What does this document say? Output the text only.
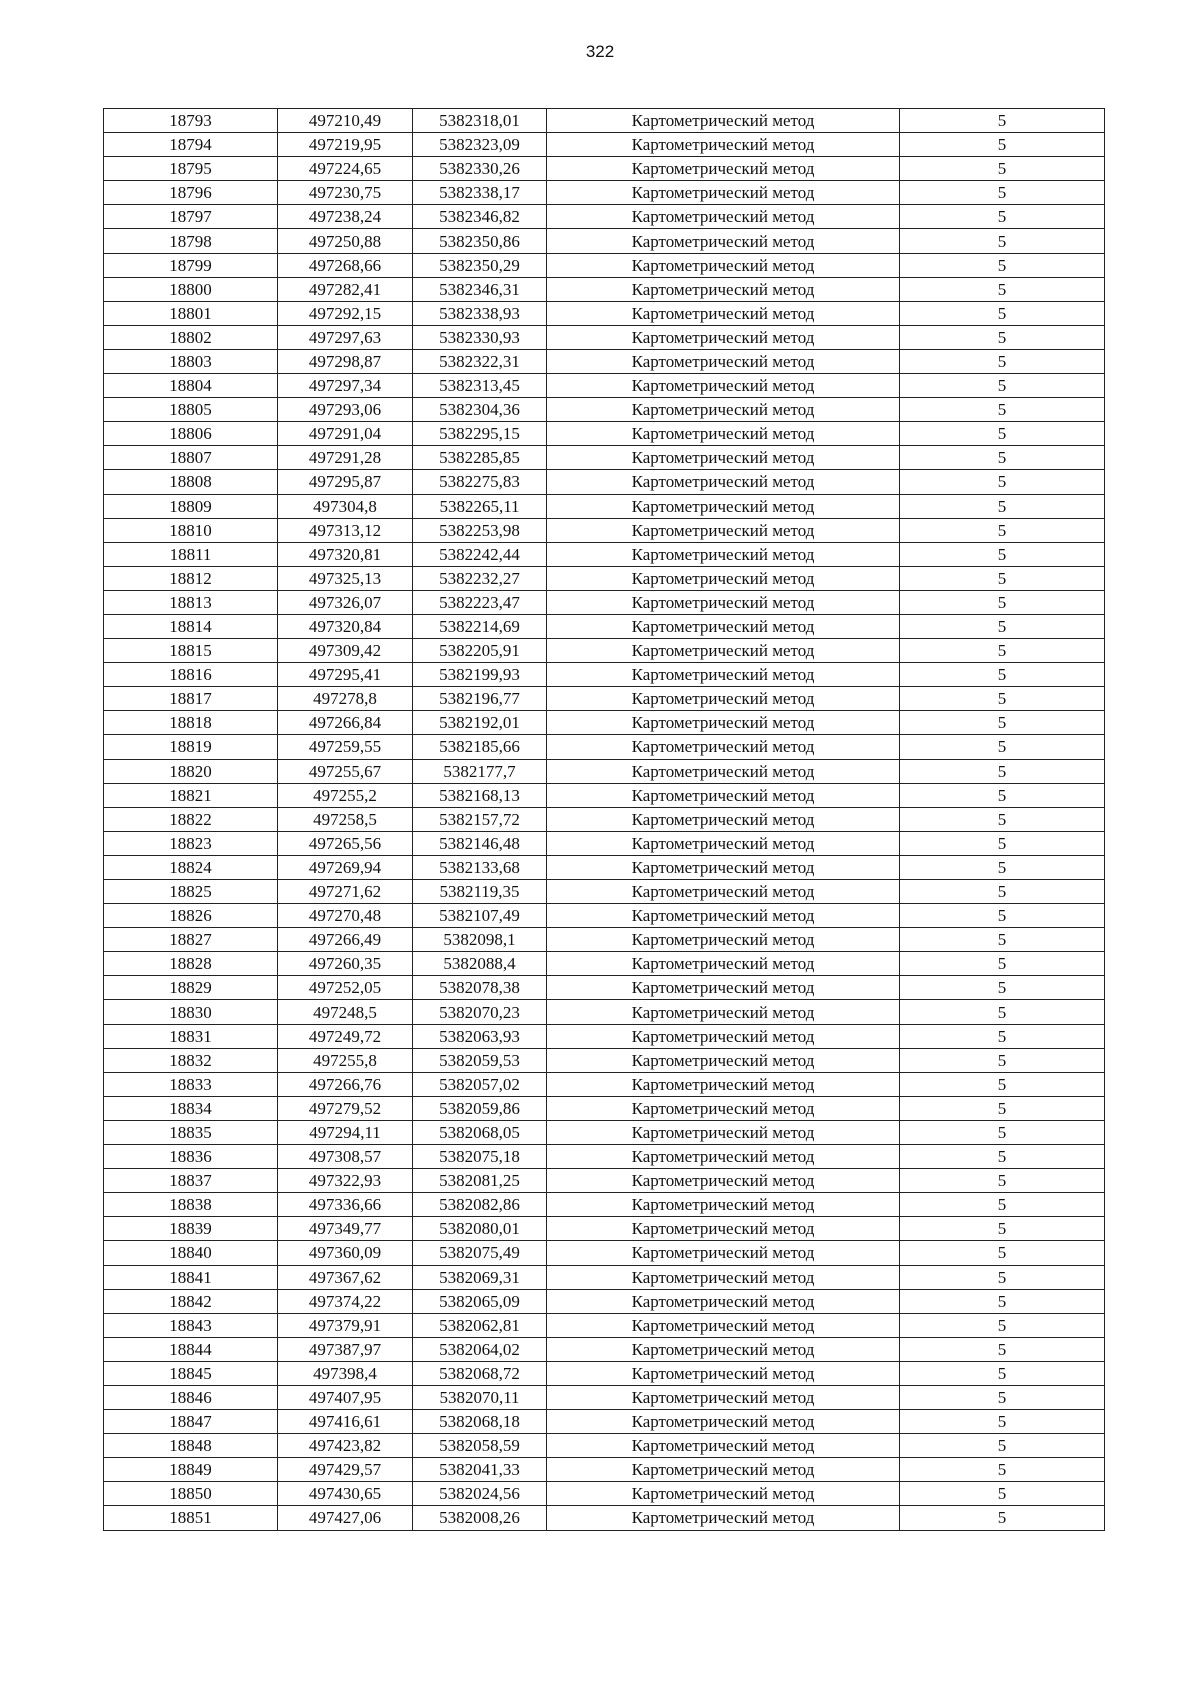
322
18793	497210,49	5382318,01	Картометрический метод	5
18794	497219,95	5382323,09	Картометрический метод	5
18795	497224,65	5382330,26	Картометрический метод	5
18796	497230,75	5382338,17	Картометрический метод	5
18797	497238,24	5382346,82	Картометрический метод	5
18798	497250,88	5382350,86	Картометрический метод	5
18799	497268,66	5382350,29	Картометрический метод	5
18800	497282,41	5382346,31	Картометрический метод	5
18801	497292,15	5382338,93	Картометрический метод	5
18802	497297,63	5382330,93	Картометрический метод	5
18803	497298,87	5382322,31	Картометрический метод	5
18804	497297,34	5382313,45	Картометрический метод	5
18805	497293,06	5382304,36	Картометрический метод	5
18806	497291,04	5382295,15	Картометрический метод	5
18807	497291,28	5382285,85	Картометрический метод	5
18808	497295,87	5382275,83	Картометрический метод	5
18809	497304,8	5382265,11	Картометрический метод	5
18810	497313,12	5382253,98	Картометрический метод	5
18811	497320,81	5382242,44	Картометрический метод	5
18812	497325,13	5382232,27	Картометрический метод	5
18813	497326,07	5382223,47	Картометрический метод	5
18814	497320,84	5382214,69	Картометрический метод	5
18815	497309,42	5382205,91	Картометрический метод	5
18816	497295,41	5382199,93	Картометрический метод	5
18817	497278,8	5382196,77	Картометрический метод	5
18818	497266,84	5382192,01	Картометрический метод	5
18819	497259,55	5382185,66	Картометрический метод	5
18820	497255,67	5382177,7	Картометрический метод	5
18821	497255,2	5382168,13	Картометрический метод	5
18822	497258,5	5382157,72	Картометрический метод	5
18823	497265,56	5382146,48	Картометрический метод	5
18824	497269,94	5382133,68	Картометрический метод	5
18825	497271,62	5382119,35	Картометрический метод	5
18826	497270,48	5382107,49	Картометрический метод	5
18827	497266,49	5382098,1	Картометрический метод	5
18828	497260,35	5382088,4	Картометрический метод	5
18829	497252,05	5382078,38	Картометрический метод	5
18830	497248,5	5382070,23	Картометрический метод	5
18831	497249,72	5382063,93	Картометрический метод	5
18832	497255,8	5382059,53	Картометрический метод	5
18833	497266,76	5382057,02	Картометрический метод	5
18834	497279,52	5382059,86	Картометрический метод	5
18835	497294,11	5382068,05	Картометрический метод	5
18836	497308,57	5382075,18	Картометрический метод	5
18837	497322,93	5382081,25	Картометрический метод	5
18838	497336,66	5382082,86	Картометрический метод	5
18839	497349,77	5382080,01	Картометрический метод	5
18840	497360,09	5382075,49	Картометрический метод	5
18841	497367,62	5382069,31	Картометрический метод	5
18842	497374,22	5382065,09	Картометрический метод	5
18843	497379,91	5382062,81	Картометрический метод	5
18844	497387,97	5382064,02	Картометрический метод	5
18845	497398,4	5382068,72	Картометрический метод	5
18846	497407,95	5382070,11	Картометрический метод	5
18847	497416,61	5382068,18	Картометрический метод	5
18848	497423,82	5382058,59	Картометрический метод	5
18849	497429,57	5382041,33	Картометрический метод	5
18850	497430,65	5382024,56	Картометрический метод	5
18851	497427,06	5382008,26	Картометрический метод	5
